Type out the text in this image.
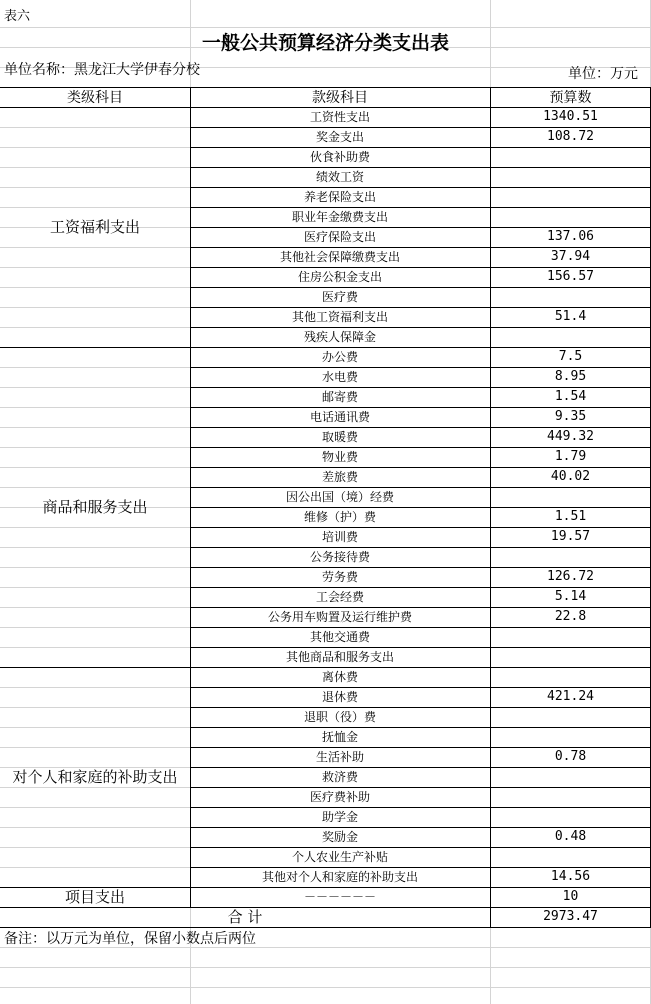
表六
一般公共预算经济分类支出表
单位名称：黑龙江大学伊春分校	单位：万元
类级科目	款级科目	预算数
工资福利支出
工资性支出	1340.51
奖金支出	108.72
伙食补助费
绩效工资
养老保险支出
职业年金缴费支出
医疗保险支出	137.06
其他社会保障缴费支出	37.94
住房公积金支出	156.57
医疗费
其他工资福利支出	51.4
残疾人保障金
商品和服务支出
办公费	7.5
水电费	8.95
邮寄费	1.54
电话通讯费	9.35
取暖费	449.32
物业费	1.79
差旅费	40.02
因公出国（境）经费
维修（护）费	1.51
培训费	19.57
公务接待费
劳务费	126.72
工会经费	5.14
公务用车购置及运行维护费	22.8
其他交通费
其他商品和服务支出
对个人和家庭的补助支出
离休费
退休费	421.24
退职（役）费
抚恤金
生活补助	0.78
救济费
医疗费补助
助学金
奖励金	0.48
个人农业生产补贴
其他对个人和家庭的补助支出	14.56
项目支出	－－－－－－	10
合 计	2973.47
备注：以万元为单位，保留小数点后两位
